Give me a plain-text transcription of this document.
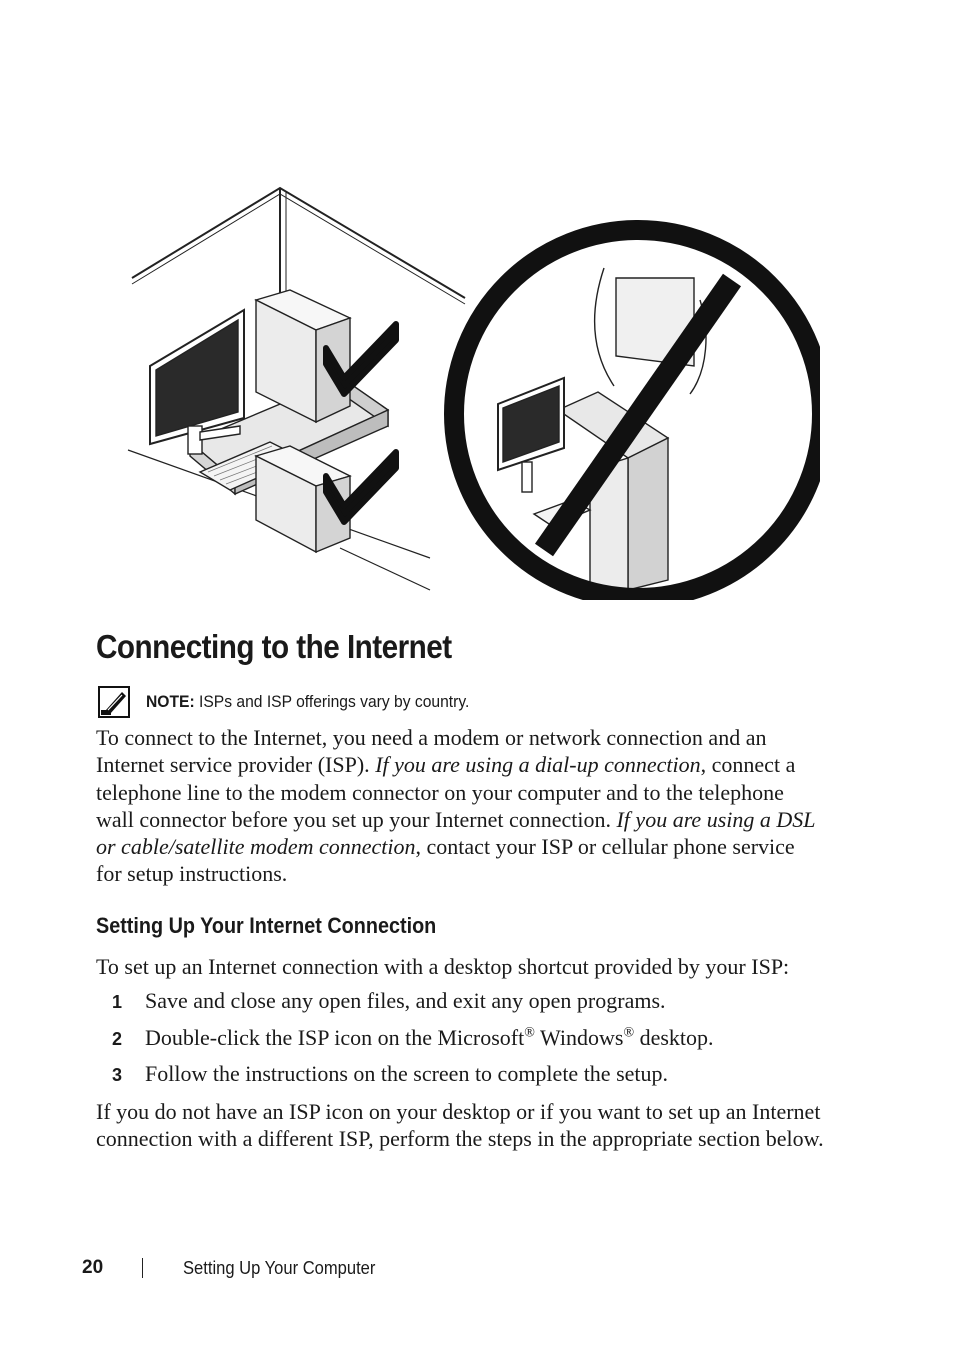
Connecting to the Internet
NOTE: ISPs and ISP offerings vary by country.

To connect to the Internet, you need a modem or network connection and an Internet service provider (ISP). If you are using a dial-up connection, connect a telephone line to the modem connector on your computer and to the telephone wall connector before you set up your Internet connection. If you are using a DSL or cable/satellite modem connection, contact your ISP or cellular phone service for setup instructions.

Setting Up Your Internet Connection

To set up an Internet connection with a desktop shortcut provided by your ISP:

1	Save and close any open files, and exit any open programs.
2	Double-click the ISP icon on the Microsoft® Windows® desktop.
3	Follow the instructions on the screen to complete the setup.

If you do not have an ISP icon on your desktop or if you want to set up an Internet connection with a different ISP, perform the steps in the appropriate section below.

20	Setting Up Your Computer
